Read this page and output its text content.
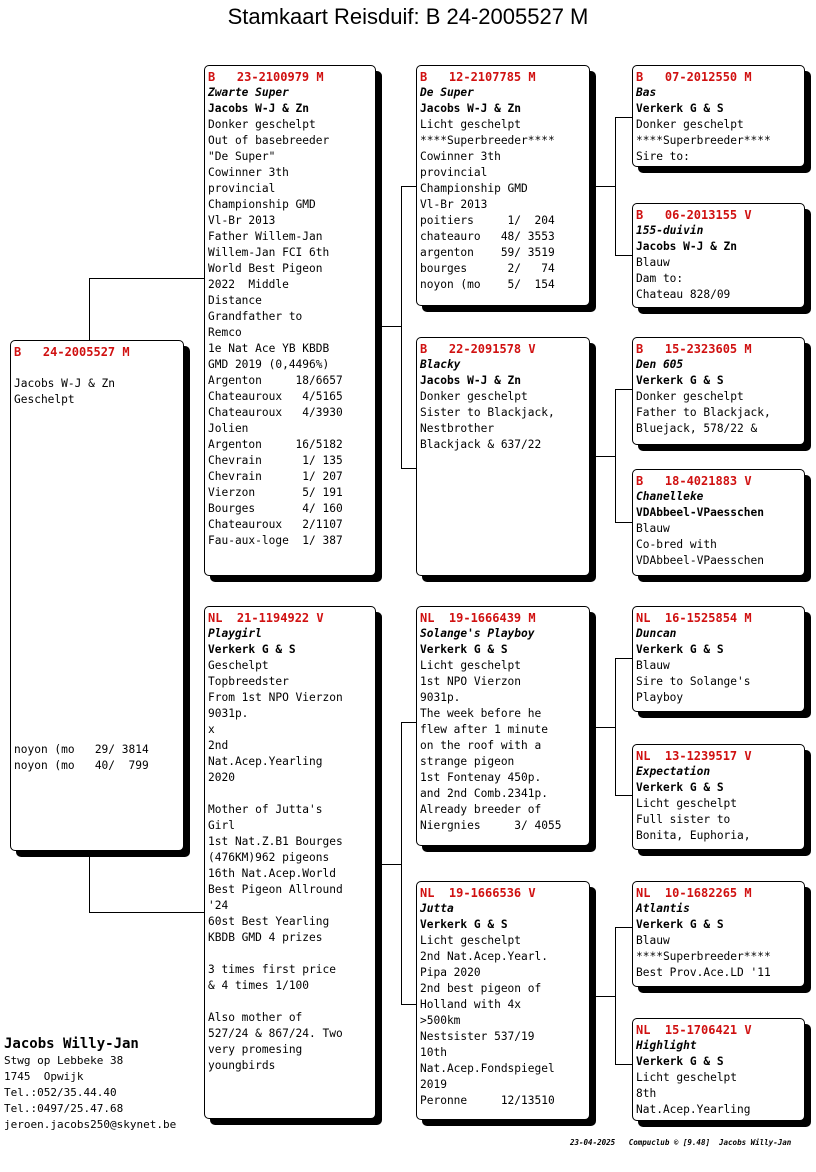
Stamkaart Reisduif: B 24-2005527 M
B   24-2005527 M
Jacobs W-J & Zn
Geschelpt
noyon (mo   29/ 3814
noyon (mo   40/  799
B   23-2100979 M
Zwarte Super
Jacobs W-J & Zn
Donker geschelpt
Out of basebreeder
"De Super"
Cowinner 3th
provincial
Championship GMD
Vl-Br 2013
Father Willem-Jan
Willem-Jan FCI 6th
World Best Pigeon
2022  Middle
Distance
Grandfather to
Remco
1e Nat Ace YB KBDB
GMD 2019 (0,4496%)
Argenton     18/6657
Chateauroux   4/5165
Chateauroux   4/3930
Jolien
Argenton     16/5182
Chevrain      1/ 135
Chevrain      1/ 207
Vierzon       5/ 191
Bourges       4/ 160
Chateauroux   2/1107
Fau-aux-loge  1/ 387
NL  21-1194922 V
Playgirl
Verkerk G & S
Geschelpt
Topbreedster
From 1st NPO Vierzon
9031p.
x
2nd
Nat.Acep.Yearling
2020
Mother of Jutta's
Girl
1st Nat.Z.B1 Bourges
(476KM)962 pigeons
16th Nat.Acep.World
Best Pigeon Allround
'24
60st Best Yearling
KBDB GMD 4 prizes
3 times first price
& 4 times 1/100
Also mother of
527/24 & 867/24. Two
very promesing
youngbirds
B   12-2107785 M
De Super
Jacobs W-J & Zn
Licht geschelpt
****Superbreeder****
Cowinner 3th
provincial
Championship GMD
Vl-Br 2013
poitiers     1/  204
chateauro   48/ 3553
argenton    59/ 3519
bourges      2/   74
noyon (mo    5/  154
B   22-2091578 V
Blacky
Jacobs W-J & Zn
Donker geschelpt
Sister to Blackjack,
Nestbrother
Blackjack & 637/22
NL  19-1666439 M
Solange's Playboy
Verkerk G & S
Licht geschelpt
1st NPO Vierzon
9031p.
The week before he
flew after 1 minute
on the roof with a
strange pigeon
1st Fontenay 450p.
and 2nd Comb.2341p.
Already breeder of
Niergnies     3/ 4055
NL  19-1666536 V
Jutta
Verkerk G & S
Licht geschelpt
2nd Nat.Acep.Yearl.
Pipa 2020
2nd best pigeon of
Holland with 4x
>500km
Nestsister 537/19
10th
Nat.Acep.Fondspiegel
2019
Peronne     12/13510
B   07-2012550 M
Bas
Verkerk G & S
Donker geschelpt
****Superbreeder****
Sire to:
B   06-2013155 V
155-duivin
Jacobs W-J & Zn
Blauw
Dam to:
Chateau 828/09
B   15-2323605 M
Den 605
Verkerk G & S
Donker geschelpt
Father to Blackjack,
Bluejack, 578/22 &
B   18-4021883 V
Chanelleke
VDAbbeel-VPaesschen
Blauw
Co-bred with
VDAbbeel-VPaesschen
NL  16-1525854 M
Duncan
Verkerk G & S
Blauw
Sire to Solange's
Playboy
NL  13-1239517 V
Expectation
Verkerk G & S
Licht geschelpt
Full sister to
Bonita, Euphoria,
NL  10-1682265 M
Atlantis
Verkerk G & S
Blauw
****Superbreeder****
Best Prov.Ace.LD '11
NL  15-1706421 V
Highlight
Verkerk G & S
Licht geschelpt
8th
Nat.Acep.Yearling
Jacobs Willy-Jan
Stwg op Lebbeke 38
1745  Opwijk
Tel.:052/35.44.40
Tel.:0497/25.47.68
jeroen.jacobs250@skynet.be
23-04-2025   Compuclub © [9.48]  Jacobs Willy-Jan
